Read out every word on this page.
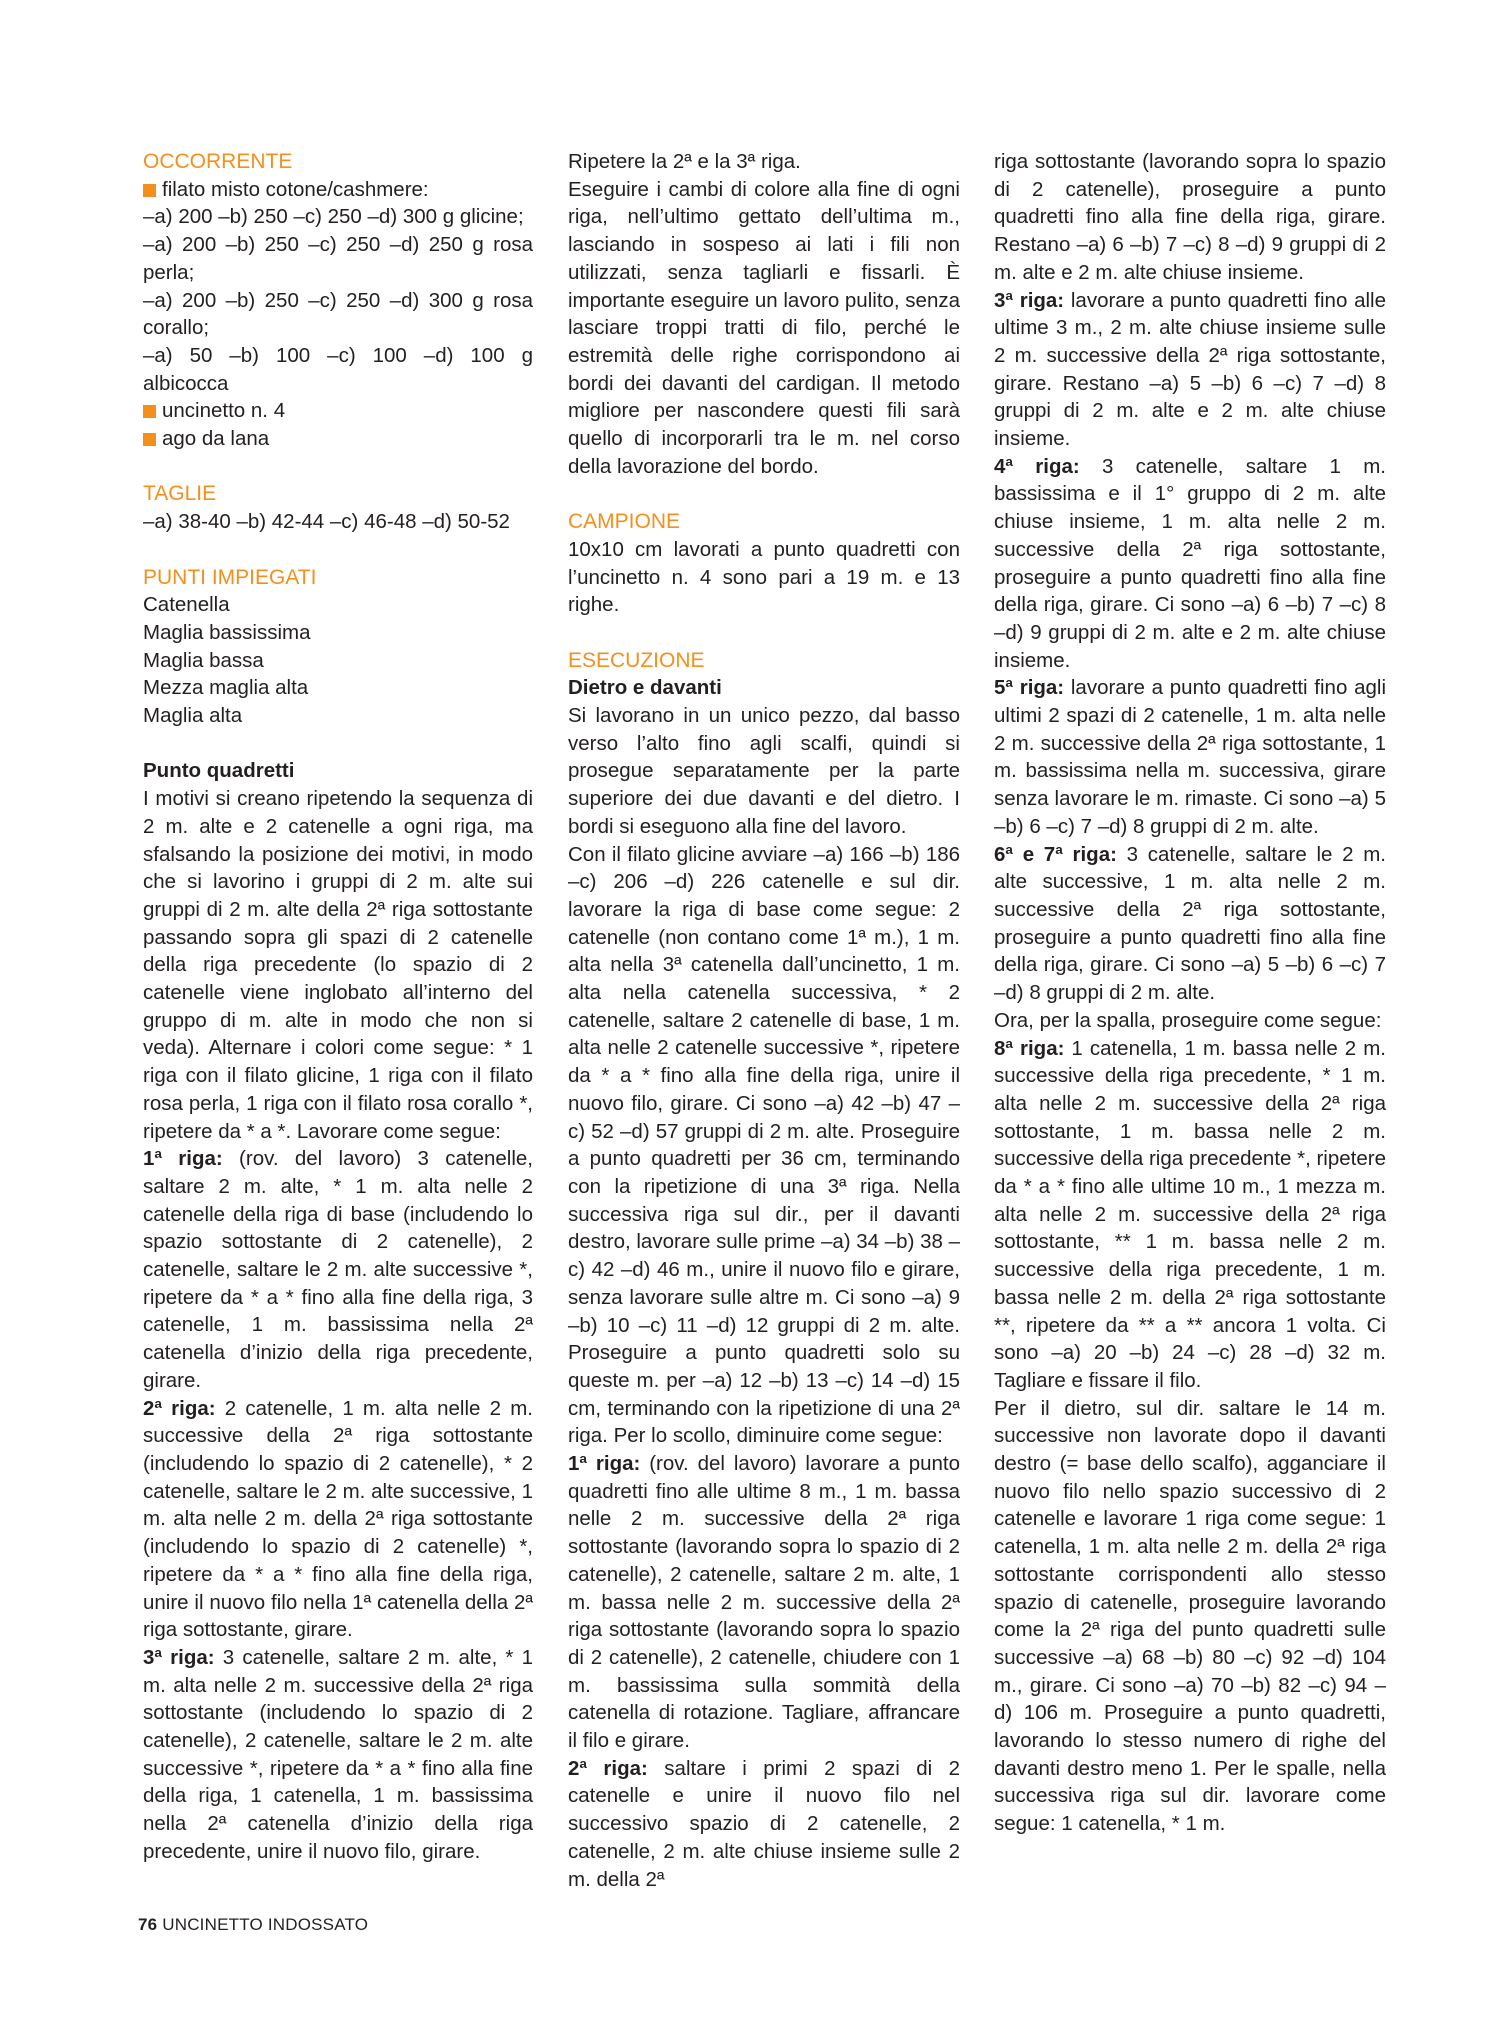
OCCORRENTE

filato misto cotone/cashmere:

–a) 200 –b) 250 –c) 250 –d) 300 g glicine;

–a) 200 –b) 250 –c) 250 –d) 250 g rosa perla;

–a) 200 –b) 250 –c) 250 –d) 300 g rosa corallo;

–a) 50 –b) 100 –c) 100 –d) 100 g albicocca

uncinetto n. 4

ago da lana

TAGLIE

–a) 38-40 –b) 42-44 –c) 46-48 –d) 50-52

PUNTI IMPIEGATI

Catenella

Maglia bassissima

Maglia bassa

Mezza maglia alta

Maglia alta

Punto quadretti

I motivi si creano ripetendo la sequenza di 2 m. alte e 2 catenelle a ogni riga, ma sfalsando la posizione dei motivi, in modo che si lavorino i gruppi di 2 m. alte sui gruppi di 2 m. alte della 2ª riga sottostante passando sopra gli spazi di 2 catenelle della riga precedente (lo spazio di 2 catenelle viene inglobato all’interno del gruppo di m. alte in modo che non si veda). Alternare i colori come segue: * 1 riga con il filato glicine, 1 riga con il filato rosa perla, 1 riga con il filato rosa corallo *, ripetere da * a *. Lavorare come segue:

1ª riga: (rov. del lavoro) 3 catenelle, saltare 2 m. alte, * 1 m. alta nelle 2 catenelle della riga di base (includendo lo spazio sottostante di 2 catenelle), 2 catenelle, saltare le 2 m. alte successive *, ripetere da * a * fino alla fine della riga, 3 catenelle, 1 m. bassissima nella 2ª catenella d’inizio della riga precedente, girare.

2ª riga: 2 catenelle, 1 m. alta nelle 2 m. successive della 2ª riga sottostante (includendo lo spazio di 2 catenelle), * 2 catenelle, saltare le 2 m. alte successive, 1 m. alta nelle 2 m. della 2ª riga sottostante (includendo lo spazio di 2 catenelle) *, ripetere da * a * fino alla fine della riga, unire il nuovo filo nella 1ª catenella della 2ª riga sottostante, girare.

3ª riga: 3 catenelle, saltare 2 m. alte, * 1 m. alta nelle 2 m. successive della 2ª riga sottostante (includendo lo spazio di 2 catenelle), 2 catenelle, saltare le 2 m. alte successive *, ripetere da * a * fino alla fine della riga, 1 catenella, 1 m. bassissima nella 2ª catenella d’inizio della riga precedente, unire il nuovo filo, girare.

Ripetere la 2ª e la 3ª riga.

Eseguire i cambi di colore alla fine di ogni riga, nell’ultimo gettato dell’ultima m., lasciando in sospeso ai lati i fili non utilizzati, senza tagliarli e fissarli. È importante eseguire un lavoro pulito, senza lasciare troppi tratti di filo, perché le estremità delle righe corrispondono ai bordi dei davanti del cardigan. Il metodo migliore per nascondere questi fili sarà quello di incorporarli tra le m. nel corso della lavorazione del bordo.

CAMPIONE

10x10 cm lavorati a punto quadretti con l’uncinetto n. 4 sono pari a 19 m. e 13 righe.

ESECUZIONE

Dietro e davanti

Si lavorano in un unico pezzo, dal basso verso l’alto fino agli scalfi, quindi si prosegue separatamente per la parte superiore dei due davanti e del dietro. I bordi si eseguono alla fine del lavoro.

Con il filato glicine avviare –a) 166 –b) 186 –c) 206 –d) 226 catenelle e sul dir. lavorare la riga di base come segue: 2 catenelle (non contano come 1ª m.), 1 m. alta nella 3ª catenella dall’uncinetto, 1 m. alta nella catenella successiva, * 2 catenelle, saltare 2 catenelle di base, 1 m. alta nelle 2 catenelle successive *, ripetere da * a * fino alla fine della riga, unire il nuovo filo, girare. Ci sono –a) 42 –b) 47 –c) 52 –d) 57 gruppi di 2 m. alte. Proseguire a punto quadretti per 36 cm, terminando con la ripetizione di una 3ª riga. Nella successiva riga sul dir., per il davanti destro, lavorare sulle prime –a) 34 –b) 38 –c) 42 –d) 46 m., unire il nuovo filo e girare, senza lavorare sulle altre m. Ci sono –a) 9 –b) 10 –c) 11 –d) 12 gruppi di 2 m. alte. Proseguire a punto quadretti solo su queste m. per –a) 12 –b) 13 –c) 14 –d) 15 cm, terminando con la ripetizione di una 2ª riga. Per lo scollo, diminuire come segue:

1ª riga: (rov. del lavoro) lavorare a punto quadretti fino alle ultime 8 m., 1 m. bassa nelle 2 m. successive della 2ª riga sottostante (lavorando sopra lo spazio di 2 catenelle), 2 catenelle, saltare 2 m. alte, 1 m. bassa nelle 2 m. successive della 2ª riga sottostante (lavorando sopra lo spazio di 2 catenelle), 2 catenelle, chiudere con 1 m. bassissima sulla sommità della catenella di rotazione. Tagliare, affrancare il filo e girare.

2ª riga: saltare i primi 2 spazi di 2 catenelle e unire il nuovo filo nel successivo spazio di 2 catenelle, 2 catenelle, 2 m. alte chiuse insieme sulle 2 m. della 2ª

riga sottostante (lavorando sopra lo spazio di 2 catenelle), proseguire a punto quadretti fino alla fine della riga, girare. Restano –a) 6 –b) 7 –c) 8 –d) 9 gruppi di 2 m. alte e 2 m. alte chiuse insieme.

3ª riga: lavorare a punto quadretti fino alle ultime 3 m., 2 m. alte chiuse insieme sulle 2 m. successive della 2ª riga sottostante, girare. Restano –a) 5 –b) 6 –c) 7 –d) 8 gruppi di 2 m. alte e 2 m. alte chiuse insieme.

4ª riga: 3 catenelle, saltare 1 m. bassissima e il 1° gruppo di 2 m. alte chiuse insieme, 1 m. alta nelle 2 m. successive della 2ª riga sottostante, proseguire a punto quadretti fino alla fine della riga, girare. Ci sono –a) 6 –b) 7 –c) 8 –d) 9 gruppi di 2 m. alte e 2 m. alte chiuse insieme.

5ª riga: lavorare a punto quadretti fino agli ultimi 2 spazi di 2 catenelle, 1 m. alta nelle 2 m. successive della 2ª riga sottostante, 1 m. bassissima nella m. successiva, girare senza lavorare le m. rimaste. Ci sono –a) 5 –b) 6 –c) 7 –d) 8 gruppi di 2 m. alte.

6ª e 7ª riga: 3 catenelle, saltare le 2 m. alte successive, 1 m. alta nelle 2 m. successive della 2ª riga sottostante, proseguire a punto quadretti fino alla fine della riga, girare. Ci sono –a) 5 –b) 6 –c) 7 –d) 8 gruppi di 2 m. alte.

Ora, per la spalla, proseguire come segue:

8ª riga: 1 catenella, 1 m. bassa nelle 2 m. successive della riga precedente, * 1 m. alta nelle 2 m. successive della 2ª riga sottostante, 1 m. bassa nelle 2 m. successive della riga precedente *, ripetere da * a * fino alle ultime 10 m., 1 mezza m. alta nelle 2 m. successive della 2ª riga sottostante, ** 1 m. bassa nelle 2 m. successive della riga precedente, 1 m. bassa nelle 2 m. della 2ª riga sottostante **, ripetere da ** a ** ancora 1 volta. Ci sono –a) 20 –b) 24 –c) 28 –d) 32 m. Tagliare e fissare il filo.

Per il dietro, sul dir. saltare le 14 m. successive non lavorate dopo il davanti destro (= base dello scalfo), agganciare il nuovo filo nello spazio successivo di 2 catenelle e lavorare 1 riga come segue: 1 catenella, 1 m. alta nelle 2 m. della 2ª riga sottostante corrispondenti allo stesso spazio di catenelle, proseguire lavorando come la 2ª riga del punto quadretti sulle successive –a) 68 –b) 80 –c) 92 –d) 104 m., girare. Ci sono –a) 70 –b) 82 –c) 94 –d) 106 m. Proseguire a punto quadretti, lavorando lo stesso numero di righe del davanti destro meno 1. Per le spalle, nella successiva riga sul dir. lavorare come segue: 1 catenella, * 1 m.

76 UNCINETTO INDOSSATO
